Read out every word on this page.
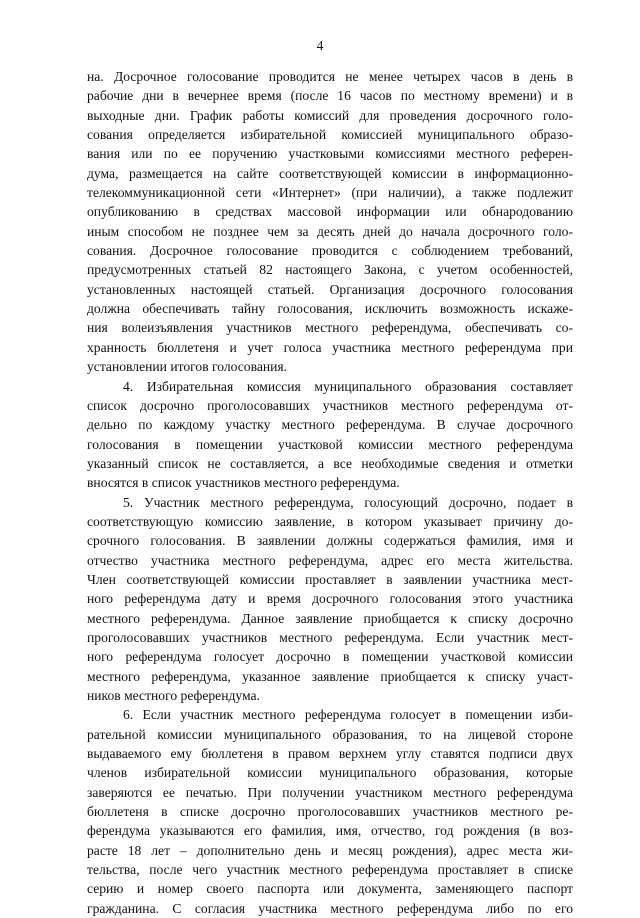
4
на. Досрочное голосование проводится не менее четырех часов в день в
рабочие дни в вечернее время (после 16 часов по местному времени) и в
выходные дни. График работы комиссий для проведения досрочного голо-
сования определяется избирательной комиссией муниципального образо-
вания или по ее поручению участковыми комиссиями местного референ-
дума, размещается на сайте соответствующей комиссии в информационно-
телекоммуникационной сети «Интернет» (при наличии), а также подлежит
опубликованию в средствах массовой информации или обнародованию
иным способом не позднее чем за десять дней до начала досрочного голо-
сования. Досрочное голосование проводится с соблюдением требований,
предусмотренных статьей 82 настоящего Закона, с учетом особенностей,
установленных настоящей статьей. Организация досрочного голосования
должна обеспечивать тайну голосования, исключить возможность искаже-
ния волеизъявления участников местного референдума, обеспечивать со-
хранность бюллетеня и учет голоса участника местного референдума при
установлении итогов голосования.
4. Избирательная комиссия муниципального образования составляет
список досрочно проголосовавших участников местного референдума от-
дельно по каждому участку местного референдума. В случае досрочного
голосования в помещении участковой комиссии местного референдума
указанный список не составляется, а все необходимые сведения и отметки
вносятся в список участников местного референдума.
5. Участник местного референдума, голосующий досрочно, подает в
соответствующую комиссию заявление, в котором указывает причину до-
срочного голосования. В заявлении должны содержаться фамилия, имя и
отчество участника местного референдума, адрес его места жительства.
Член соответствующей комиссии проставляет в заявлении участника мест-
ного референдума дату и время досрочного голосования этого участника
местного референдума. Данное заявление приобщается к списку досрочно
проголосовавших участников местного референдума. Если участник мест-
ного референдума голосует досрочно в помещении участковой комиссии
местного референдума, указанное заявление приобщается к списку участ-
ников местного референдума.
6. Если участник местного референдума голосует в помещении изби-
рательной комиссии муниципального образования, то на лицевой стороне
выдаваемого ему бюллетеня в правом верхнем углу ставятся подписи двух
членов избирательной комиссии муниципального образования, которые
заверяются ее печатью. При получении участником местного референдума
бюллетеня в списке досрочно проголосовавших участников местного ре-
ферендума указываются его фамилия, имя, отчество, год рождения (в воз-
расте 18 лет – дополнительно день и месяц рождения), адрес места жи-
тельства, после чего участник местного референдума проставляет в списке
серию и номер своего паспорта или документа, заменяющего паспорт
гражданина. С согласия участника местного референдума либо по его
